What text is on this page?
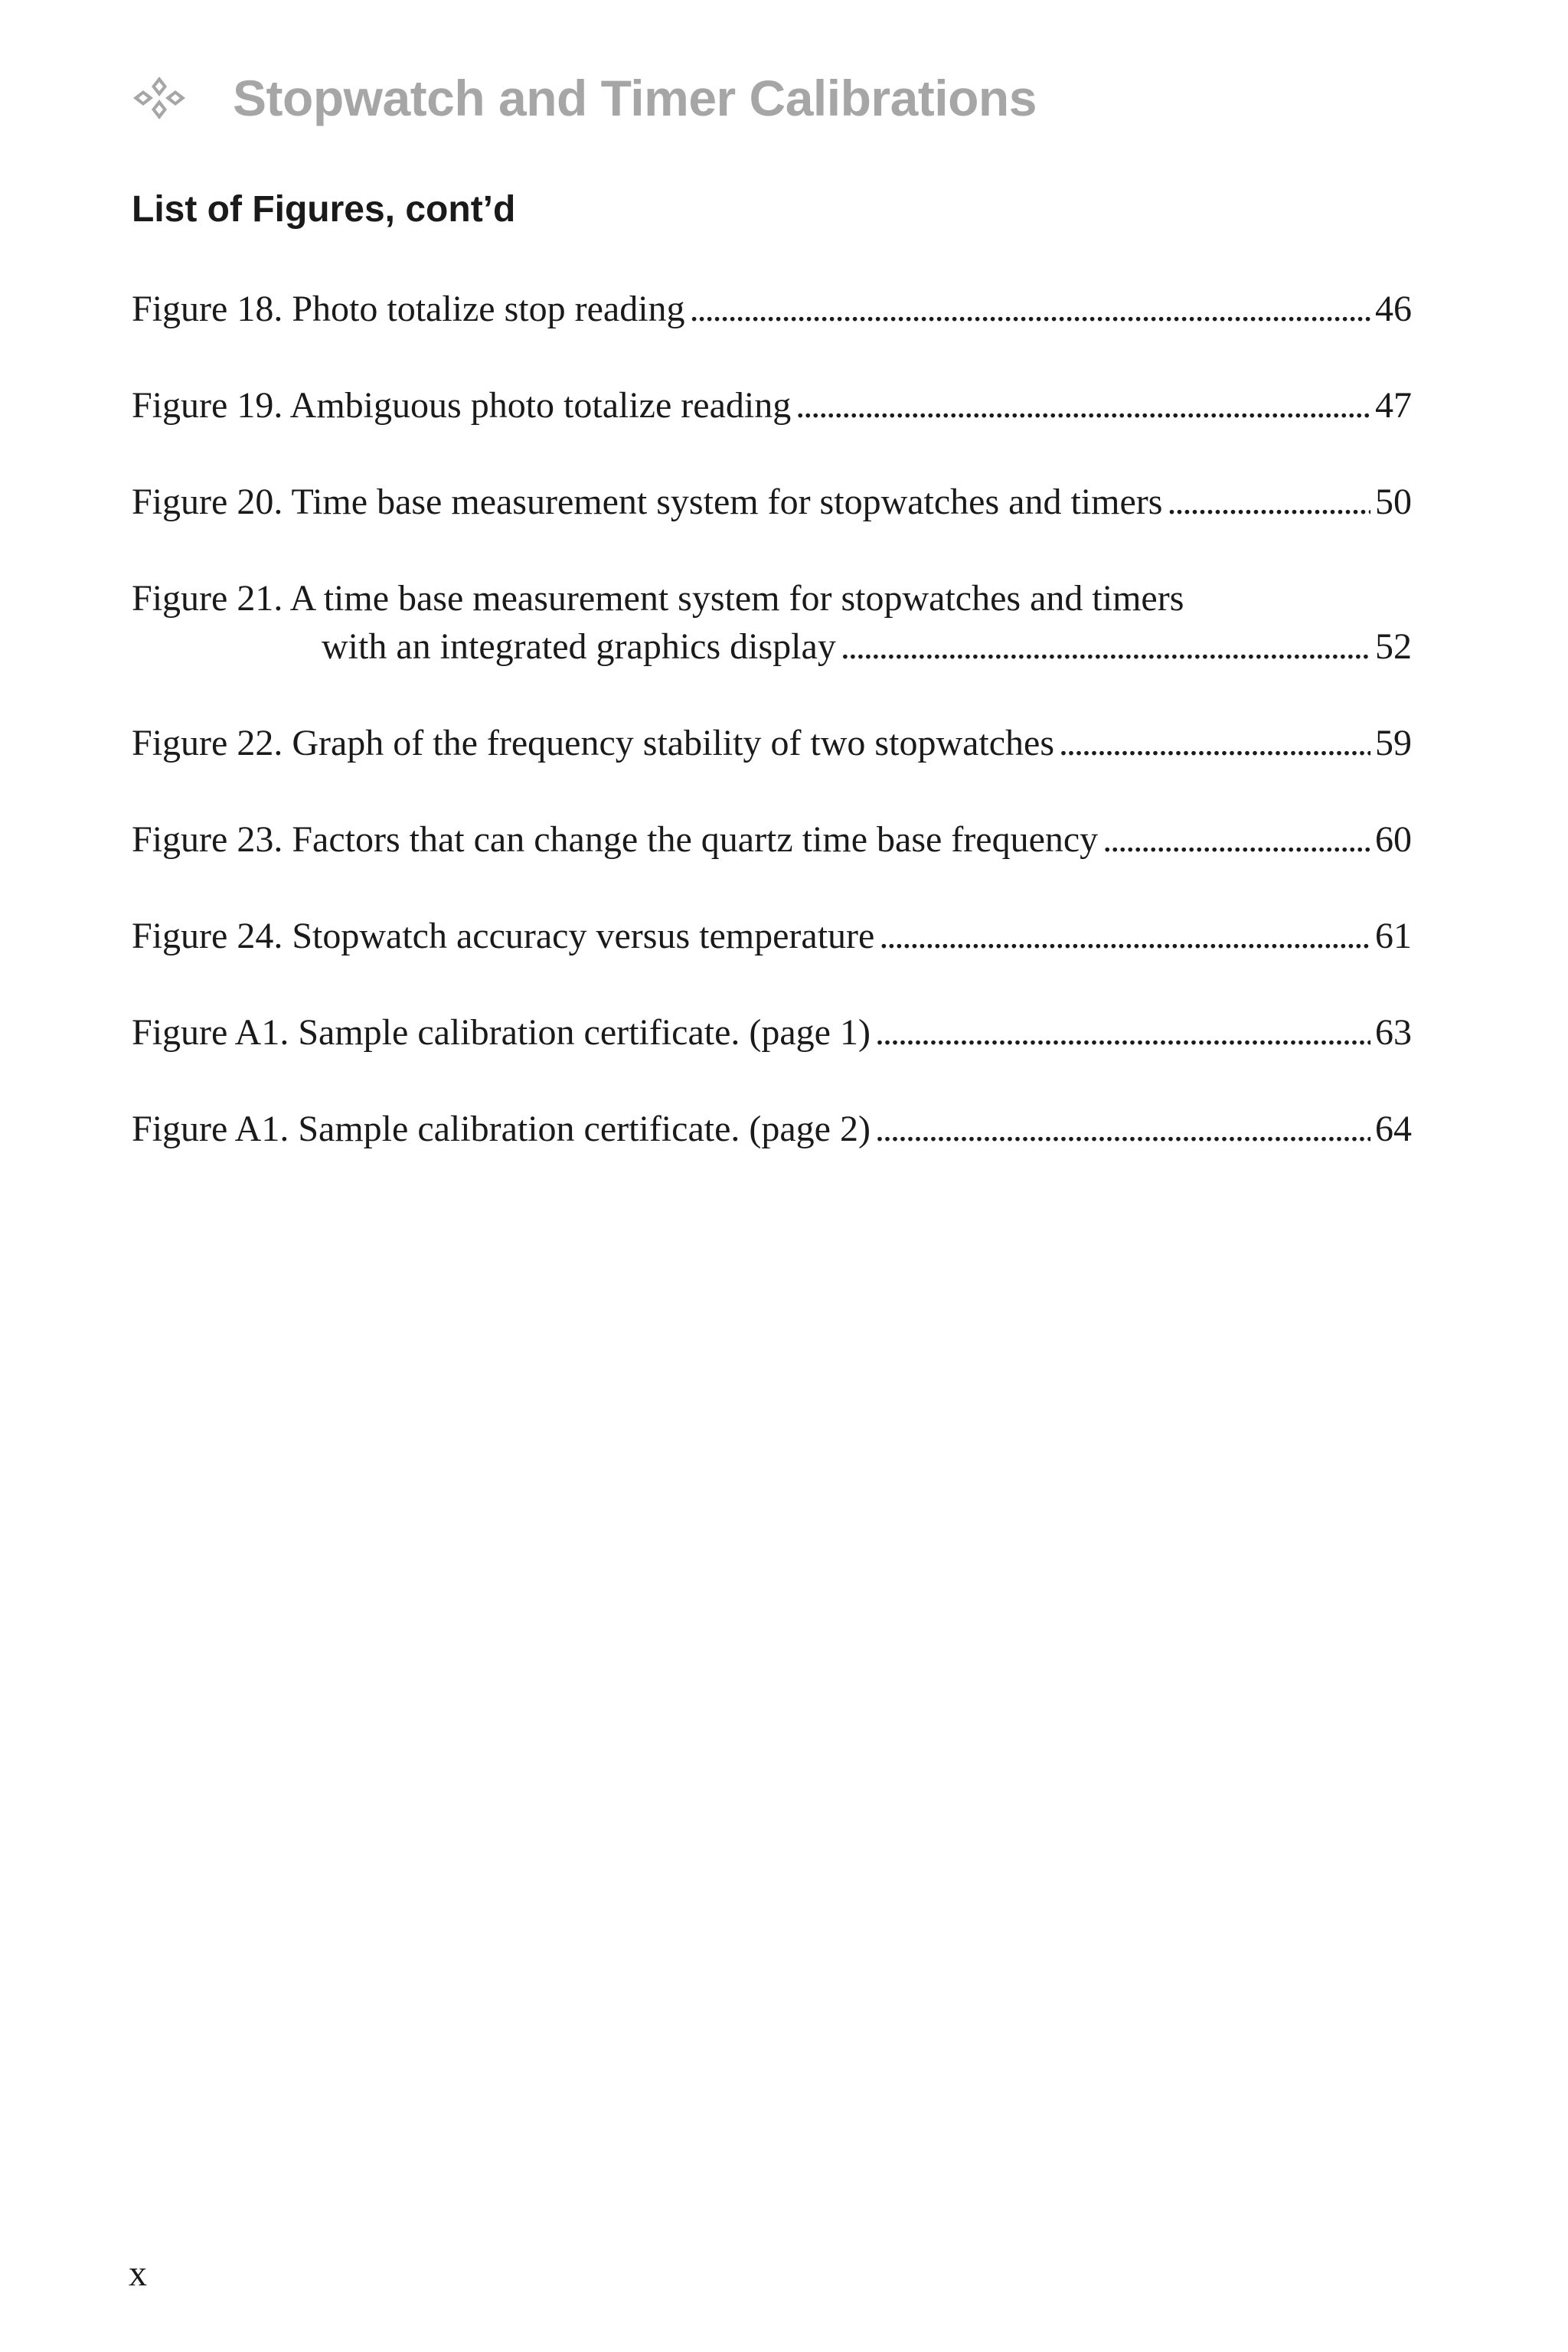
Stopwatch and Timer Calibrations
List of Figures, cont’d
Figure 18. Photo totalize stop reading . . .	46
Figure 19. Ambiguous photo totalize reading . . .	47
Figure 20. Time base measurement system for stopwatches and timers . . .	50
Figure 21. A time base measurement system for stopwatches and timers
with an integrated graphics display . . .	52
Figure 22. Graph of the frequency stability of two stopwatches . . .	59
Figure 23. Factors that can change the quartz time base frequency . . .	60
Figure 24. Stopwatch accuracy versus temperature . . .	61
Figure A1. Sample calibration certificate. (page 1) . . .	63
Figure A1. Sample calibration certificate. (page 2) . . .	64
x
